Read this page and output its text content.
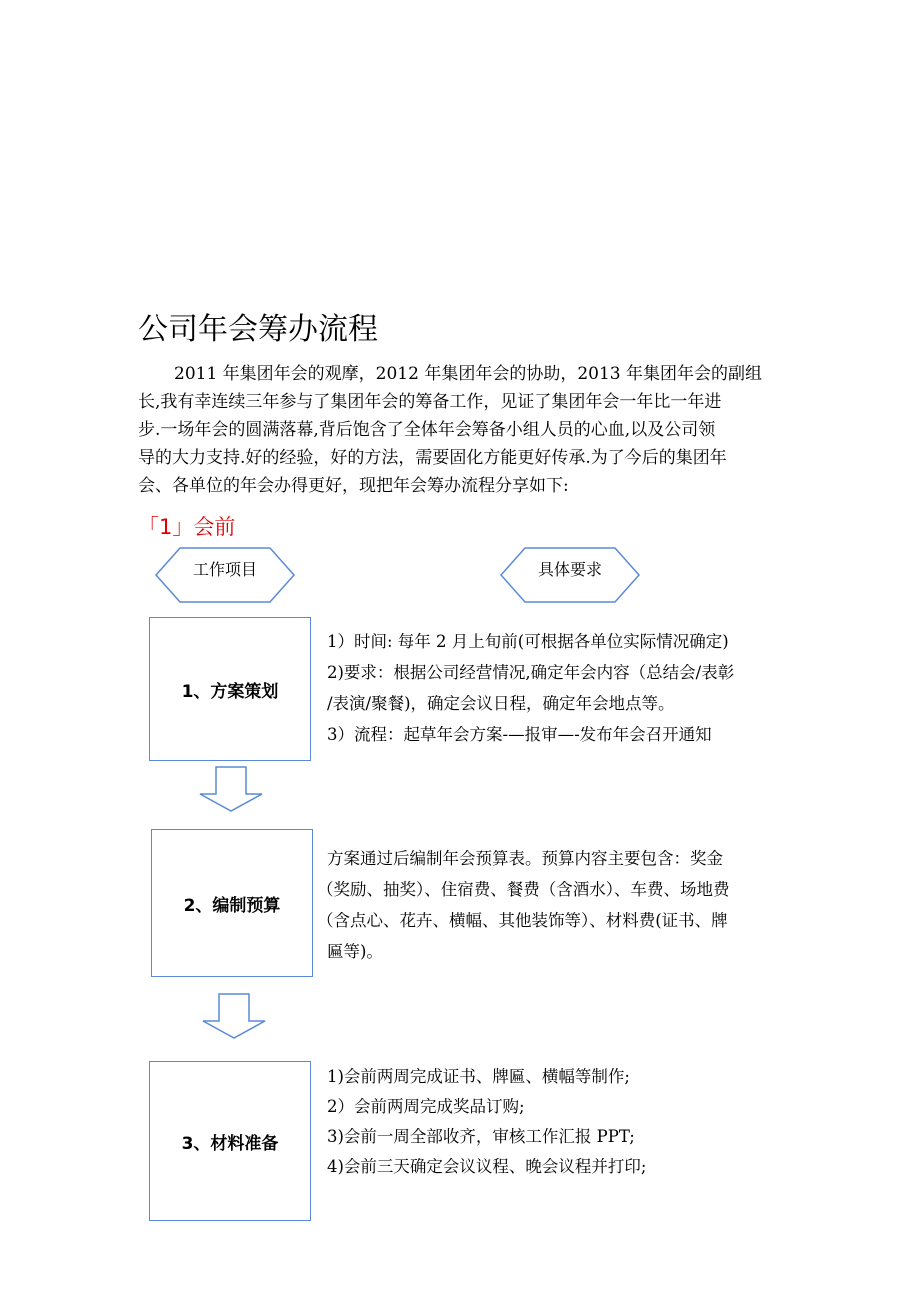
公司年会筹办流程
2011 年集团年会的观摩，2012 年集团年会的协助，2013 年集团年会的副组
长,我有幸连续三年参与了集团年会的筹备工作，见证了集团年会一年比一年进
步.一场年会的圆满落幕,背后饱含了全体年会筹备小组人员的心血,以及公司领
导的大力支持.好的经验，好的方法，需要固化方能更好传承.为了今后的集团年
会、各单位的年会办得更好，现把年会筹办流程分享如下:
「1」会前
工作项目	具体要求
1、方案策划
1）时间: 每年 2 月上旬前(可根据各单位实际情况确定)
2)要求：根据公司经营情况,确定年会内容（总结会/表彰
/表演/聚餐)，确定会议日程，确定年会地点等。
3）流程：起草年会方案-—报审—-发布年会召开通知
2、编制预算
方案通过后编制年会预算表。预算内容主要包含：奖金
（奖励、抽奖）、住宿费、餐费（含酒水）、车费、场地费
（含点心、花卉、横幅、其他装饰等）、材料费(证书、牌
匾等)。
3、材料准备
1)会前两周完成证书、牌匾、横幅等制作;
2）会前两周完成奖品订购;
3)会前一周全部收齐，审核工作汇报 PPT;
4)会前三天确定会议议程、晚会议程并打印;
